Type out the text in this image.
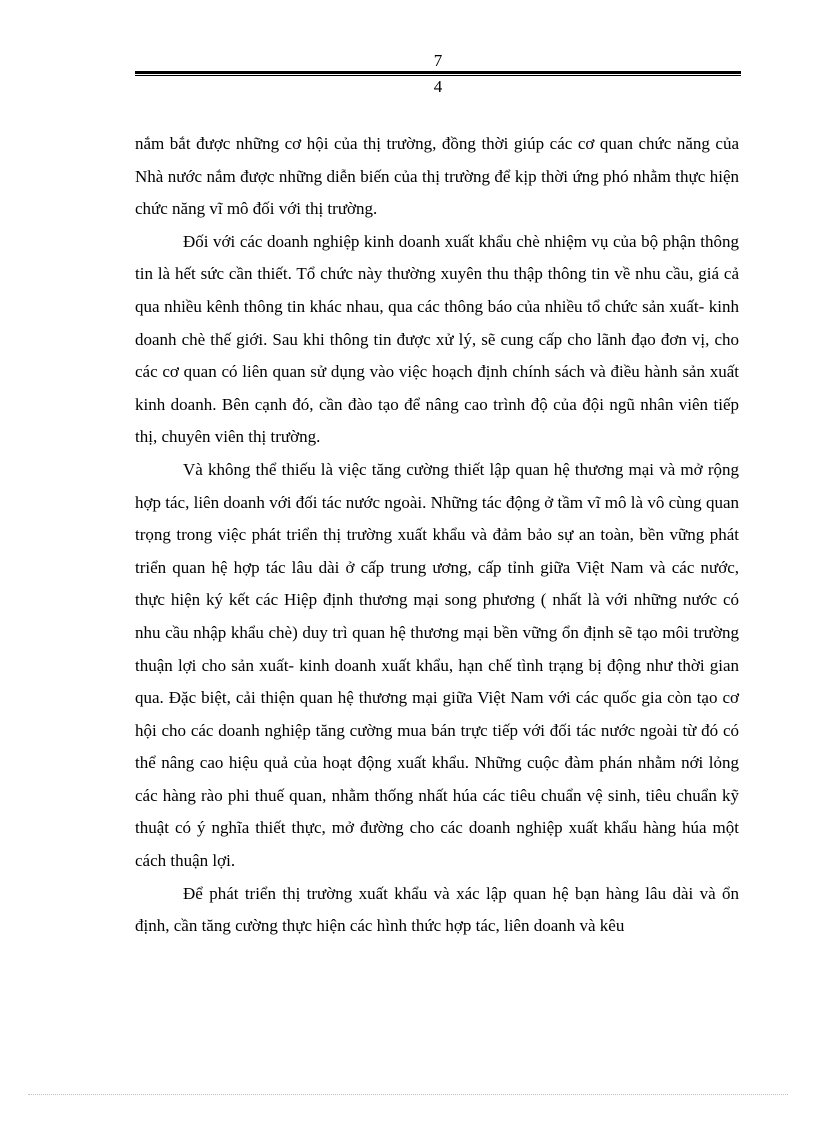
7
4

nắm bắt được những cơ hội của thị trường, đồng thời giúp các cơ quan chức năng của Nhà nước nắm được những diễn biến của thị trường để kịp thời ứng phó nhằm thực hiện chức năng vĩ mô đối với thị trường.

Đối với các doanh nghiệp kinh doanh xuất khẩu chè nhiệm vụ của bộ phận thông tin là hết sức cần thiết. Tổ chức này thường xuyên thu thập thông tin về nhu cầu, giá cả qua nhiều kênh thông tin khác nhau, qua các thông báo của nhiều tổ chức sản xuất- kinh doanh chè thế giới. Sau khi thông tin được xử lý, sẽ cung cấp cho lãnh đạo đơn vị, cho các cơ quan có liên quan sử dụng vào việc hoạch định chính sách và điều hành sản xuất kinh doanh. Bên cạnh đó, cần đào tạo để nâng cao trình độ của đội ngũ nhân viên tiếp thị, chuyên viên thị trường.

Và không thể thiếu là việc tăng cường thiết lập quan hệ thương mại và mở rộng hợp tác, liên doanh với đối tác nước ngoài. Những tác động ở tầm vĩ mô là vô cùng quan trọng trong việc phát triển thị trường xuất khẩu và đảm bảo sự an toàn, bền vững phát triển quan hệ hợp tác lâu dài ở cấp trung ương, cấp tỉnh giữa Việt Nam và các nước, thực hiện ký kết các Hiệp định thương mại song phương ( nhất là với những nước có nhu cầu nhập khẩu chè) duy trì quan hệ thương mại bền vững ổn định sẽ tạo môi trường thuận lợi cho sản xuất- kinh doanh xuất khẩu, hạn chế tình trạng bị động như thời gian qua. Đặc biệt, cải thiện quan hệ thương mại giữa Việt Nam với các quốc gia còn tạo cơ hội cho các doanh nghiệp tăng cường mua bán trực tiếp với đối tác nước ngoài từ đó có thể nâng cao hiệu quả của hoạt động xuất khẩu. Những cuộc đàm phán nhằm nới lỏng các hàng rào phi thuế quan, nhằm thống nhất húa các tiêu chuẩn vệ sinh, tiêu chuẩn kỹ thuật có ý nghĩa thiết thực, mở đường cho các doanh nghiệp xuất khẩu hàng húa một cách thuận lợi.

Để phát triển thị trường xuất khẩu và xác lập quan hệ bạn hàng lâu dài và ổn định, cần tăng cường thực hiện các hình thức hợp tác, liên doanh và kêu
